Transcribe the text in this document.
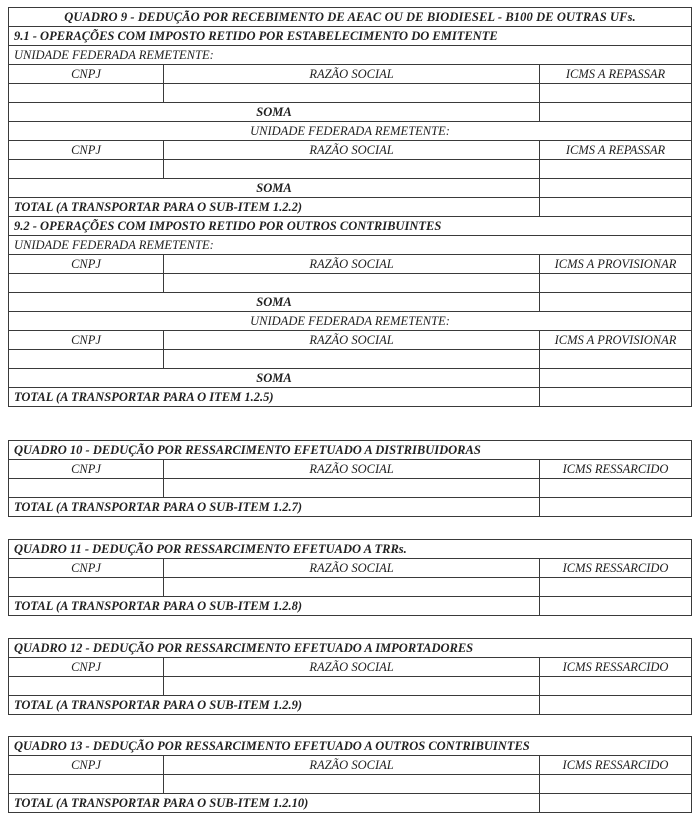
QUADRO 9 - DEDUÇÃO POR RECEBIMENTO DE AEAC OU DE BIODIESEL - B100 DE OUTRAS UFs.		
9.1 - OPERAÇÕES COM IMPOSTO RETIDO POR ESTABELECIMENTO DO EMITENTE		
UNIDADE FEDERADA REMETENTE:		
CNPJ	RAZÃO SOCIAL	ICMS A REPASSAR

SOMA		
UNIDADE FEDERADA REMETENTE:		
CNPJ	RAZÃO SOCIAL	ICMS A REPASSAR

SOMA		
TOTAL (A TRANSPORTAR PARA O SUB-ITEM 1.2.2)		
9.2 - OPERAÇÕES COM IMPOSTO RETIDO POR OUTROS CONTRIBUINTES		
UNIDADE FEDERADA REMETENTE:		
CNPJ	RAZÃO SOCIAL	ICMS A PROVISIONAR

SOMA		
UNIDADE FEDERADA REMETENTE:		
CNPJ	RAZÃO SOCIAL	ICMS A PROVISIONAR

SOMA		
TOTAL (A TRANSPORTAR PARA O ITEM 1.2.5)		
QUADRO 10 - DEDUÇÃO POR RESSARCIMENTO EFETUADO A DISTRIBUIDORAS		
CNPJ	RAZÃO SOCIAL	ICMS RESSARCIDO

TOTAL (A TRANSPORTAR PARA O SUB-ITEM 1.2.7)		
QUADRO 11 - DEDUÇÃO POR RESSARCIMENTO EFETUADO A TRRs.		
CNPJ	RAZÃO SOCIAL	ICMS RESSARCIDO

TOTAL (A TRANSPORTAR PARA O SUB-ITEM 1.2.8)		
QUADRO 12 - DEDUÇÃO POR RESSARCIMENTO EFETUADO A IMPORTADORES		
CNPJ	RAZÃO SOCIAL	ICMS RESSARCIDO

TOTAL (A TRANSPORTAR PARA O SUB-ITEM 1.2.9)		
QUADRO 13 - DEDUÇÃO POR RESSARCIMENTO EFETUADO A OUTROS CONTRIBUINTES		
CNPJ	RAZÃO SOCIAL	ICMS RESSARCIDO

TOTAL (A TRANSPORTAR PARA O SUB-ITEM 1.2.10)		
